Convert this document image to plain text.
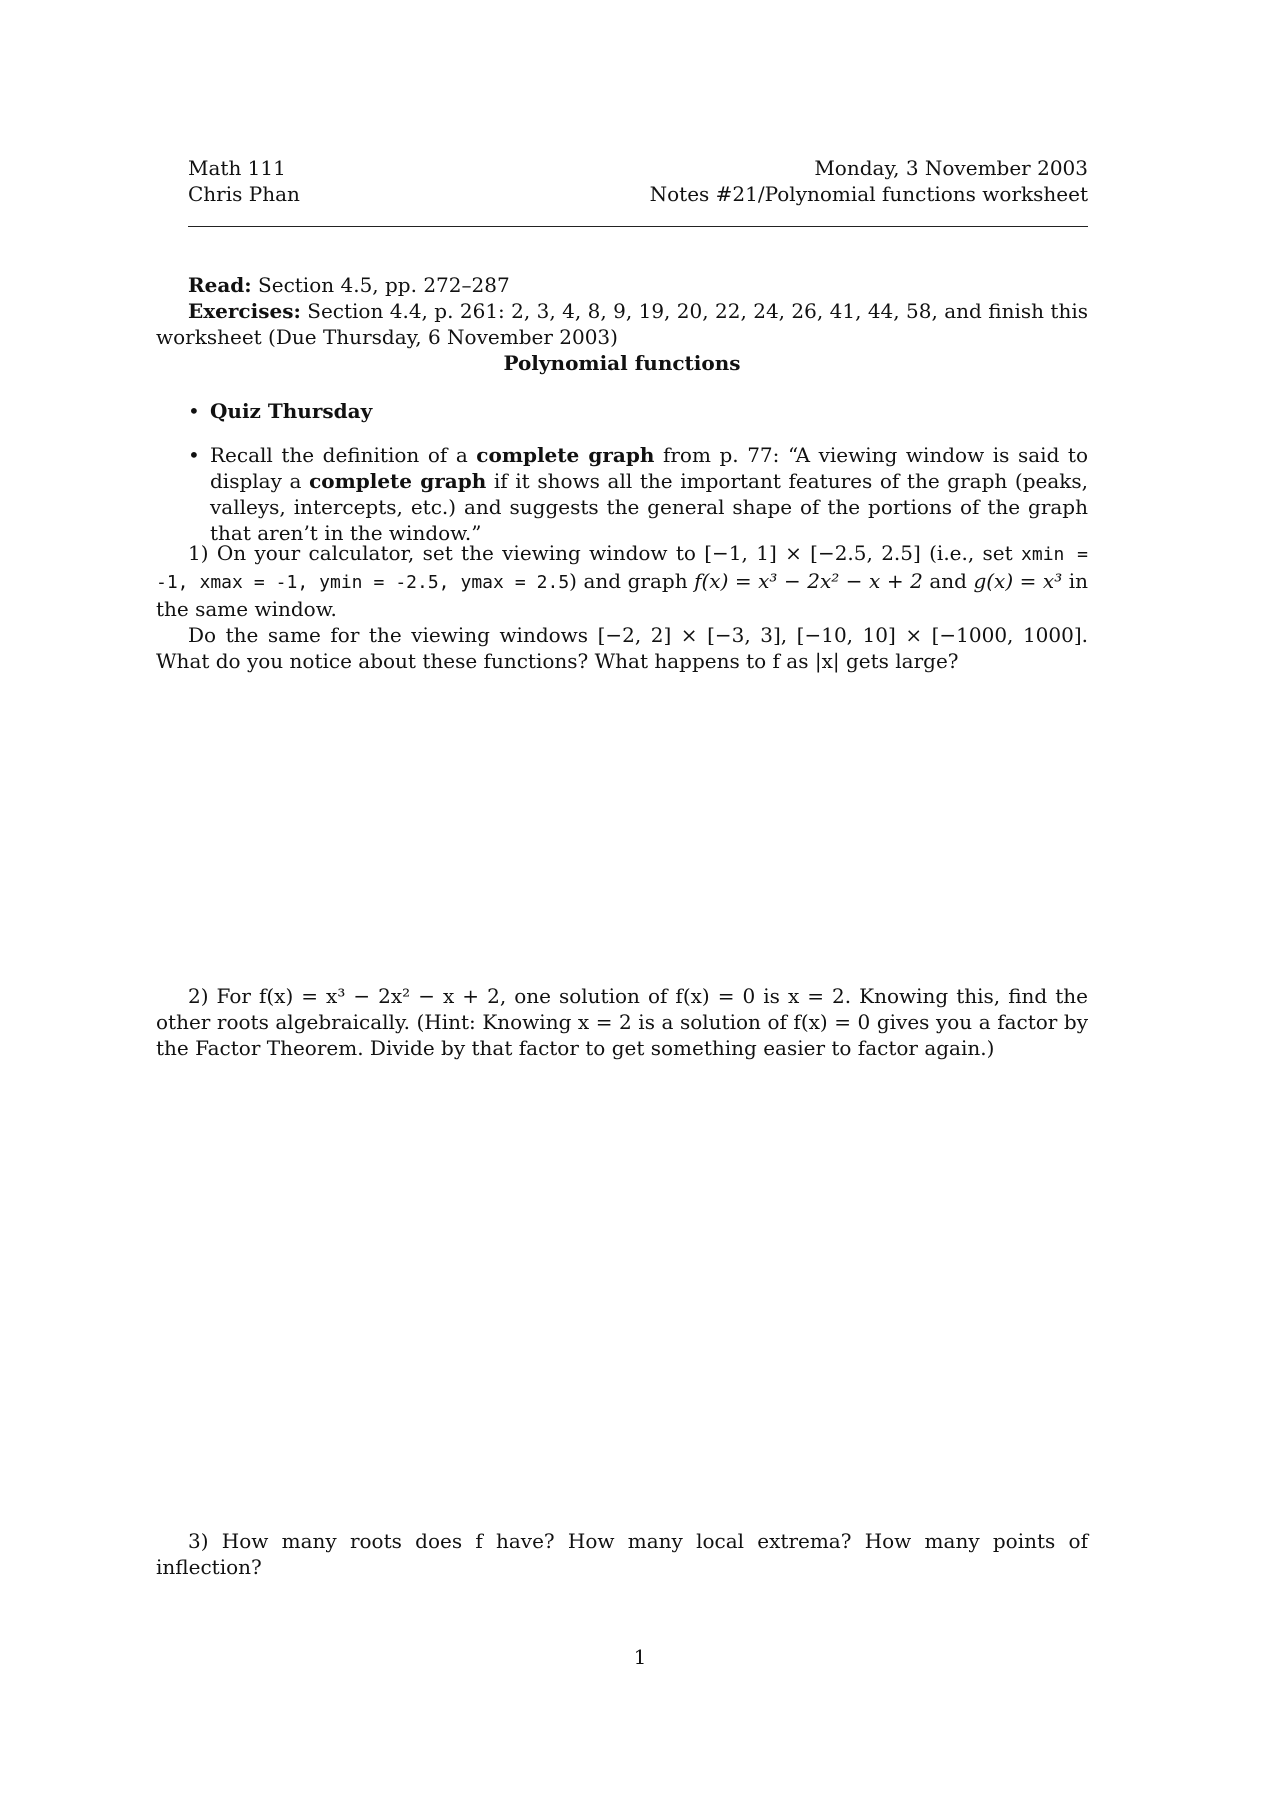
Math 111
Chris Phan
Monday, 3 November 2003
Notes #21/Polynomial functions worksheet
Read: Section 4.5, pp. 272–287
Exercises: Section 4.4, p. 261: 2, 3, 4, 8, 9, 19, 20, 22, 24, 26, 41, 44, 58, and finish this worksheet (Due Thursday, 6 November 2003)
Polynomial functions
• Quiz Thursday
• Recall the definition of a complete graph from p. 77: “A viewing window is said to display a complete graph if it shows all the important features of the graph (peaks, valleys, intercepts, etc.) and suggests the general shape of the portions of the graph that aren’t in the window.”
1) On your calculator, set the viewing window to [−1, 1] × [−2.5, 2.5] (i.e., set xmin = -1, xmax = -1, ymin = -2.5, ymax = 2.5) and graph f(x) = x³ − 2x² − x + 2 and g(x) = x³ in the same window.
Do the same for the viewing windows [−2, 2] × [−3, 3], [−10, 10] × [−1000, 1000]. What do you notice about these functions? What happens to f as |x| gets large?
2) For f(x) = x³ − 2x² − x + 2, one solution of f(x) = 0 is x = 2. Knowing this, find the other roots algebraically. (Hint: Knowing x = 2 is a solution of f(x) = 0 gives you a factor by the Factor Theorem. Divide by that factor to get something easier to factor again.)
3) How many roots does f have? How many local extrema? How many points of inflection?
1
